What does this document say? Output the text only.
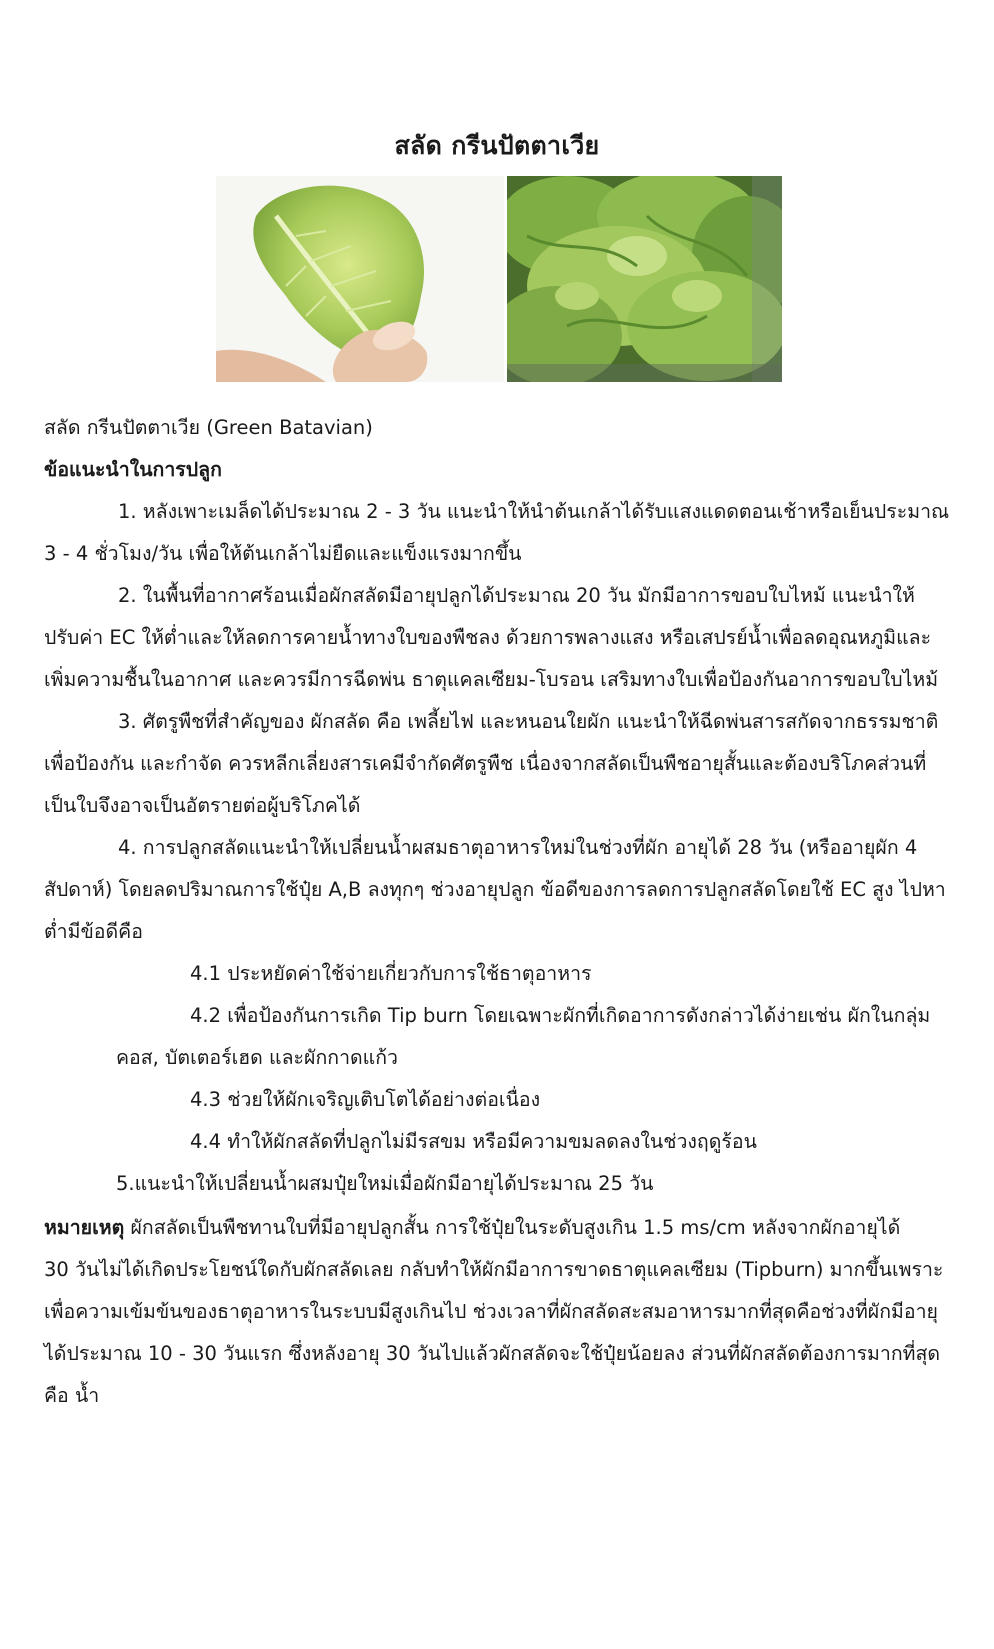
สลัด กรีนปัตตาเวีย
สลัด กรีนปัตตาเวีย (Green Batavian)
ข้อแนะนำในการปลูก
1. หลังเพาะเมล็ดได้ประมาณ 2 - 3 วัน แนะนำให้นำต้นเกล้าได้รับแสงแดดตอนเช้าหรือเย็นประมาณ
3 - 4 ชั่วโมง/วัน เพื่อให้ต้นเกล้าไม่ยืดและแข็งแรงมากขึ้น
2. ในพื้นที่อากาศร้อนเมื่อผักสลัดมีอายุปลูกได้ประมาณ 20 วัน มักมีอาการขอบใบไหม้ แนะนำให้
ปรับค่า EC ให้ต่ำและให้ลดการคายน้ำทางใบของพืชลง ด้วยการพลางแสง หรือเสปรย์น้ำเพื่อลดอุณหภูมิและ
เพิ่มความชื้นในอากาศ และควรมีการฉีดพ่น ธาตุแคลเซียม-โบรอน เสริมทางใบเพื่อป้องกันอาการขอบใบไหม้
3. ศัตรูพืชที่สำคัญของ ผักสลัด คือ เพลี้ยไฟ และหนอนใยผัก แนะนำให้ฉีดพ่นสารสกัดจากธรรมชาติ
เพื่อป้องกัน และกำจัด ควรหลีกเลี่ยงสารเคมีจำกัดศัตรูพืช เนื่องจากสลัดเป็นพืชอายุสั้นและต้องบริโภคส่วนที่
เป็นใบจึงอาจเป็นอัตรายต่อผู้บริโภคได้
4. การปลูกสลัดแนะนำให้เปลี่ยนน้ำผสมธาตุอาหารใหม่ในช่วงที่ผัก อายุได้ 28 วัน (หรืออายุผัก 4
สัปดาห์) โดยลดปริมาณการใช้ปุ๋ย A,B ลงทุกๆ ช่วงอายุปลูก ข้อดีของการลดการปลูกสลัดโดยใช้ EC สูง ไปหา
ต่ำมีข้อดีคือ
4.1 ประหยัดค่าใช้จ่ายเกี่ยวกับการใช้ธาตุอาหาร
4.2 เพื่อป้องกันการเกิด Tip burn โดยเฉพาะผักที่เกิดอาการดังกล่าวได้ง่ายเช่น ผักในกลุ่ม
คอส, บัตเตอร์เฮด และผักกาดแก้ว
4.3 ช่วยให้ผักเจริญเติบโตได้อย่างต่อเนื่อง
4.4 ทำให้ผักสลัดที่ปลูกไม่มีรสขม หรือมีความขมลดลงในช่วงฤดูร้อน
5.แนะนำให้เปลี่ยนน้ำผสมปุ๋ยใหม่เมื่อผักมีอายุได้ประมาณ 25 วัน
หมายเหตุ ผักสลัดเป็นพืชทานใบที่มีอายุปลูกสั้น การใช้ปุ๋ยในระดับสูงเกิน 1.5 ms/cm หลังจากผักอายุได้
30 วันไม่ได้เกิดประโยชน์ใดกับผักสลัดเลย กลับทำให้ผักมีอาการขาดธาตุแคลเซียม (Tipburn) มากขึ้นเพราะ
เพื่อความเข้มข้นของธาตุอาหารในระบบมีสูงเกินไป ช่วงเวลาที่ผักสลัดสะสมอาหารมากที่สุดคือช่วงที่ผักมีอายุ
ได้ประมาณ 10 - 30 วันแรก ซึ่งหลังอายุ 30 วันไปแล้วผักสลัดจะใช้ปุ๋ยน้อยลง ส่วนที่ผักสลัดต้องการมากที่สุด
คือ น้ำ
